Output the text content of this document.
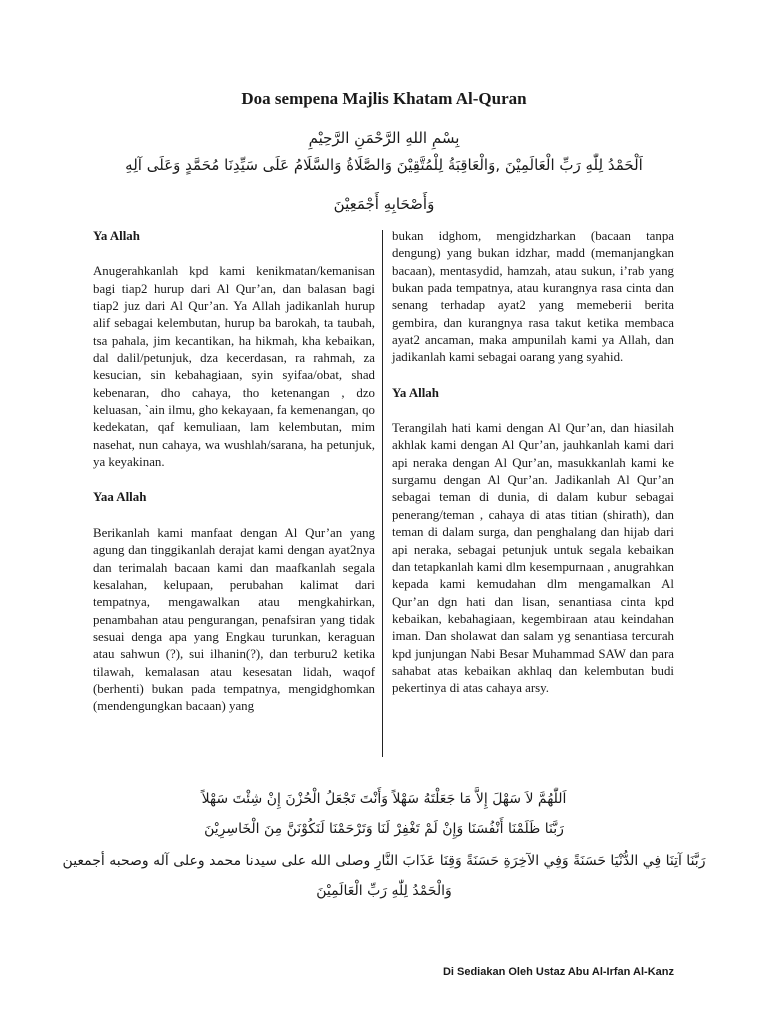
Doa sempena Majlis Khatam Al-Quran

بِسْمِ اللهِ الرَّحْمَنِ الرَّحِيْمِ

اَلْحَمْدُ لِلّٰهِ رَبِّ الْعَالَمِيْنَ ,وَالْعَاقِبَةُ لِلْمُتَّقِيْنَ وَالصَّلَاةُ وَالسَّلَامُ عَلَى سَيِّدِنَا مُحَمَّدٍ وَعَلَى آلِهِ

وَأَصْحَابِهِ أَجْمَعِيْنَ

Ya Allah

Anugerahkanlah kpd kami kenikmatan/kemanisan bagi tiap2 hurup dari Al Qur’an, dan balasan bagi tiap2 juz dari Al Qur’an. Ya Allah jadikanlah hurup alif sebagai kelembutan, hurup ba barokah, ta taubah, tsa pahala, jim kecantikan, ha hikmah, kha kebaikan, dal dalil/petunjuk, dza kecerdasan, ra rahmah, za kesucian, sin kebahagiaan, syin syifaa/obat, shad kebenaran, dho cahaya, tho ketenangan , dzo keluasan, `ain ilmu, gho kekayaan, fa kemenangan, qo kedekatan, qaf kemuliaan, lam kelembutan, mim nasehat, nun cahaya, wa wushlah/sarana, ha petunjuk, ya keyakinan.

Yaa Allah

Berikanlah kami manfaat dengan Al Qur’an yang agung dan tinggikanlah derajat kami dengan ayat2nya dan terimalah bacaan kami dan maafkanlah segala kesalahan, kelupaan, perubahan kalimat dari tempatnya, mengawalkan atau mengkahirkan, penambahan atau pengurangan, penafsiran yang tidak sesuai denga apa yang Engkau turunkan, keraguan atau sahwun (?), sui ilhanin(?), dan terburu2 ketika tilawah, kemalasan atau kesesatan lidah, waqof (berhenti) bukan pada tempatnya, mengidghomkan (mendengungkan bacaan) yang

bukan idghom, mengidzharkan (bacaan tanpa dengung) yang bukan idzhar, madd (memanjangkan bacaan), mentasydid, hamzah, atau sukun, i’rab yang bukan pada tempatnya, atau kurangnya rasa cinta dan senang terhadap ayat2 yang memeberii berita gembira, dan kurangnya rasa takut ketika membaca ayat2 ancaman, maka ampunilah kami ya Allah, dan jadikanlah kami sebagai oarang yang syahid.

Ya Allah

Terangilah hati kami dengan Al Qur’an, dan hiasilah akhlak kami dengan Al Qur’an, jauhkanlah kami dari api neraka dengan Al Qur’an, masukkanlah kami ke surgamu dengan Al Qur’an. Jadikanlah Al Qur’an sebagai teman di dunia, di dalam kubur sebagai penerang/teman , cahaya di atas titian (shirath), dan teman di dalam surga, dan penghalang dan hijab dari api neraka, sebagai petunjuk untuk segala kebaikan dan tetapkanlah kami dlm kesempurnaan , anugrahkan kepada kami kemudahan dlm mengamalkan Al Qur’an dgn hati dan lisan, senantiasa cinta kpd kebaikan, kebahagiaan, kegembiraan atau keindahan iman. Dan sholawat dan salam yg senantiasa tercurah kpd junjungan Nabi Besar Muhammad SAW dan para sahabat atas kebaikan akhlaq dan kelembutan budi pekertinya di atas cahaya arsy.

اَللّٰهُمَّ لاَ سَهْلَ إِلاَّ مَا جَعَلْتَهُ سَهْلاً وَأَنْتَ تَجْعَلُ الْحُزْنَ إِنْ شِئْتَ سَهْلاً

رَبَّنَا ظَلَمْنَا أَنْفُسَنَا وَإِنْ لَمْ تَغْفِرْ لَنَا وَتَرْحَمْنَا لَنَكُوْنَنَّ مِنَ الْخَاسِرِيْنَ

رَبَّنَا آتِنَا فِي الدُّنْيَا حَسَنَةً وَفِي الآخِرَةِ حَسَنَةً وَقِنَا عَذَابَ النَّارِ وصلى الله على سيدنا محمد وعلى آله وصحبه أجمعين

وَالْحَمْدُ لِلّٰهِ رَبِّ الْعَالَمِيْنَ

Di Sediakan Oleh Ustaz Abu Al-Irfan Al-Kanz
